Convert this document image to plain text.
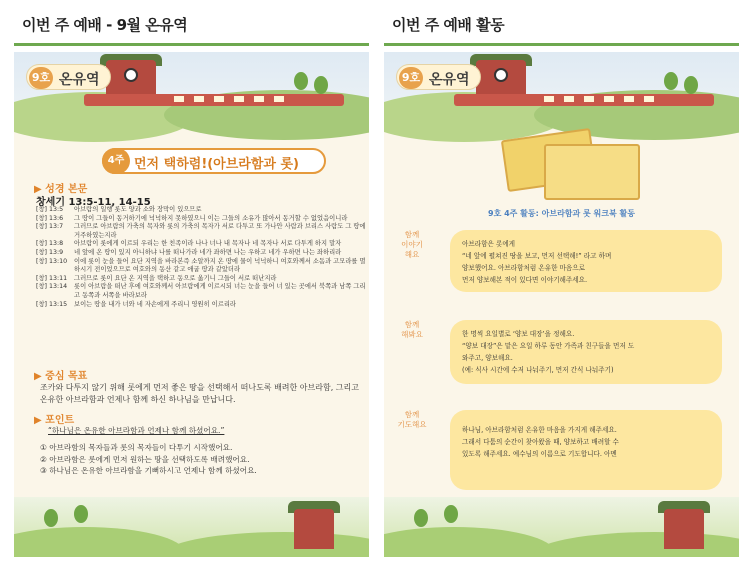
이번 주 예배 - 9월 온유역	이번 주 예배 활동
9호 온유역
4주 먼저 택하렴!(아브라함과 롯)
▶ 성경 본문
창세기 13:5-11, 14-15
[창] 13:5	아브람의 일행 롯도 양과 소와 장막이 있으므로
[창] 13:6	그 땅이 그들이 동거하기에 넉넉하지 못하였으니 이는 그들의 소유가 많아서 동거할 수 없었음이니라
[창] 13:7	그러므로 아브람의 가축의 목자와 롯의 가축의 목자가 서로 다투고 또 가나안 사람과 브리스 사람도 그 땅에 거주하였는지라
[창] 13:8	아브람이 롯에게 이르되 우리는 한 친족이라 나나 너나 내 목자나 네 목자나 서로 다투게 하지 말자
[창] 13:9	네 앞에 온 땅이 있지 아니하냐 나를 떠나가라 네가 좌하면 나는 우하고 네가 우하면 나는 좌하리라
[창] 13:10	이에 롯이 눈을 들어 요단 지역을 바라본즉 소알까지 온 땅에 물이 넉넉하니 여호와께서 소돔과 고모라를 멸하시기 전이었으므로 여호와의 동산 같고 애굽 땅과 같았더라
[창] 13:11	그러므로 롯이 요단 온 지역을 택하고 동으로 옮기니 그들이 서로 떠난지라
[창] 13:14	롯이 아브람을 떠난 후에 여호와께서 아브람에게 이르시되 너는 눈을 들어 너 있는 곳에서 북쪽과 남쪽 그리고 동쪽과 서쪽을 바라보라
[창] 13:15	보이는 땅을 내가 너와 네 자손에게 주리니 영원히 이르리라
▶ 중심 목표
조카와 다투지 않기 위해 롯에게 먼저 좋은 땅을 선택해서 떠나도록 배려한 아브라함, 그리고 온유한 아브라함과 언제나 함께 하신 하나님을 만납니다.
▶ 포인트
“하나님은 온유한 아브라함과 언제나 함께 하셨어요.”
① 아브라함의 목자들과 롯의 목자들이 다투기 시작했어요.
② 아브라함은 롯에게 먼저 원하는 땅을 선택하도록 배려했어요.
③ 하나님은 온유한 아브라함을 기뻐하시고 언제나 함께 하셨어요.
9호 온유역
9호 4주 활동: 아브라함과 롯 워크북 활동
함께
이야기
해요
아브라함은 롯에게
“네 앞에 펼쳐진 땅을 보고, 먼저 선택해!” 라고 하며
양보했어요. 아브라함처럼 온유한 마음으로
먼저 양보해본 적이 있다면 이야기해주세요.
함께
해봐요	한 명씩 요일별로 ‘양보 대장’을 정해요.
“양보 대장”은 맡은 요일 하루 동안 가족과 친구들을 먼저 도
와주고, 양보해요.
(예: 식사 시간에 수저 나눠주기, 먼저 간식 나눠주기)
함께
기도해요
하나님, 아브라함처럼 온유한 마음을 가지게 해주세요.
그래서 다툼의 순간이 찾아왔을 때, 양보하고 배려할 수
있도록 해주세요. 예수님의 이름으로 기도합니다. 아멘
